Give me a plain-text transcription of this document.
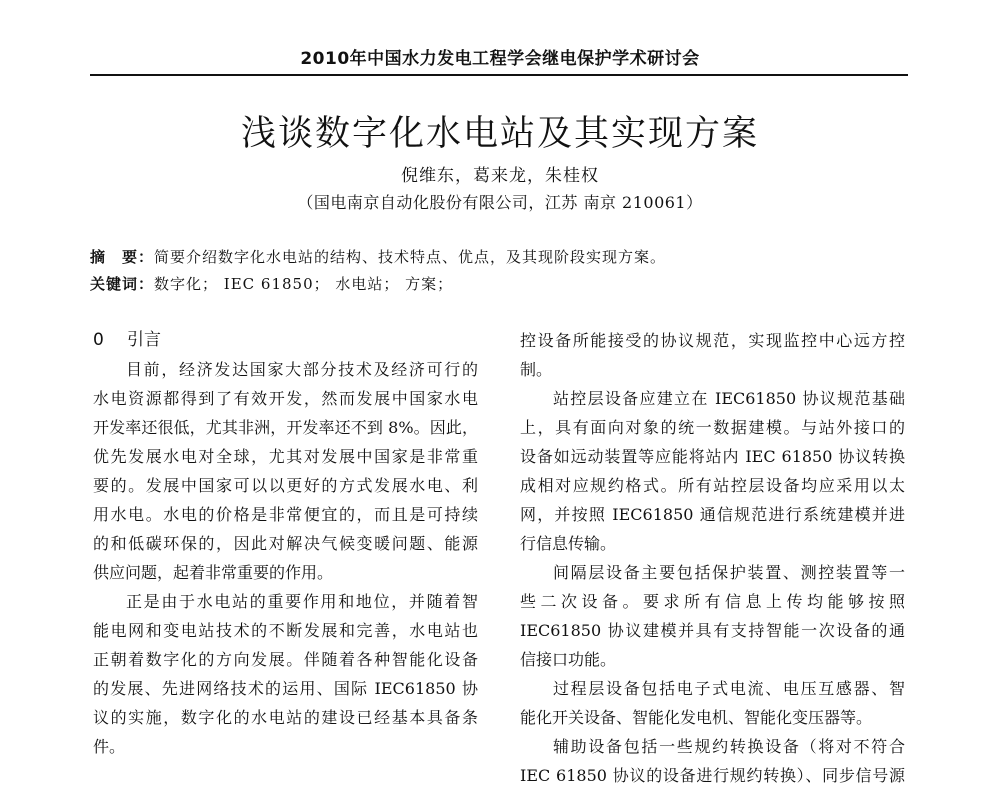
2010年中国水力发电工程学会继电保护学术研讨会
浅谈数字化水电站及其实现方案
倪维东，葛来龙，朱桂权
（国电南京自动化股份有限公司，江苏 南京 210061）
摘　要：简要介绍数字化水电站的结构、技术特点、优点，及其现阶段实现方案。
关键词：数字化； IEC 61850； 水电站； 方案；
0 引言
目前，经济发达国家大部分技术及经济可行的
水电资源都得到了有效开发，然而发展中国家水电
开发率还很低，尤其非洲，开发率还不到 8%。因此，
优先发展水电对全球，尤其对发展中国家是非常重
要的。发展中国家可以以更好的方式发展水电、利
用水电。水电的价格是非常便宜的，而且是可持续
的和低碳环保的，因此对解决气候变暖问题、能源
供应问题，起着非常重要的作用。
正是由于水电站的重要作用和地位，并随着智
能电网和变电站技术的不断发展和完善，水电站也
正朝着数字化的方向发展。伴随着各种智能化设备
的发展、先进网络技术的运用、国际 IEC61850 协
议的实施，数字化的水电站的建设已经基本具备条
件。
控设备所能接受的协议规范，实现监控中心远方控
制。
站控层设备应建立在 IEC61850 协议规范基础
上，具有面向对象的统一数据建模。与站外接口的
设备如远动装置等应能将站内 IEC 61850 协议转换
成相对应规约格式。所有站控层设备均应采用以太
网，并按照 IEC61850 通信规范进行系统建模并进
行信息传输。
间隔层设备主要包括保护装置、测控装置等一
些二次设备。要求所有信息上传均能够按照
IEC61850 协议建模并具有支持智能一次设备的通
信接口功能。
过程层设备包括电子式电流、电压互感器、智
能化开关设备、智能化发电机、智能化变压器等。
辅助设备包括一些规约转换设备（将对不符合
IEC 61850 协议的设备进行规约转换）、同步信号源
